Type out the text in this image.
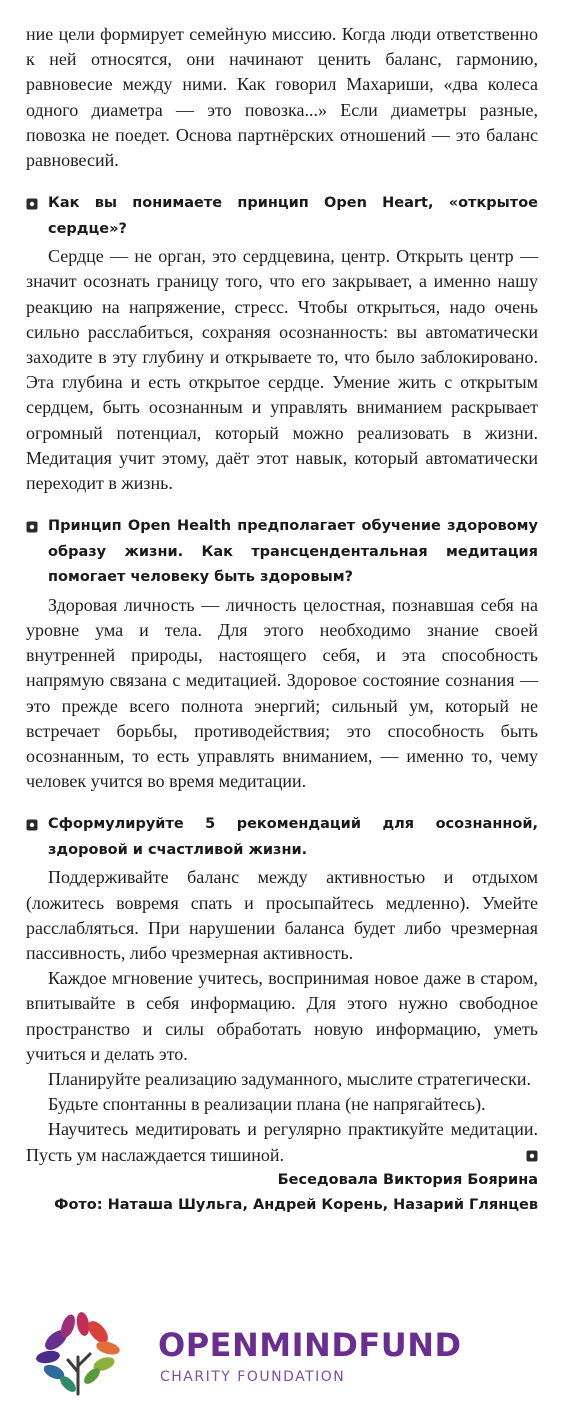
ние цели формирует семейную миссию. Когда люди ответственно к ней относятся, они начинают ценить баланс, гармонию, равновесие между ними. Как говорил Махариши, «два колеса одного диаметра — это повозка...» Если диаметры разные, повозка не поедет. Основа партнёрских отношений — это баланс равновесий.

Как вы понимаете принцип Open Heart, «открытое сердце»?

Сердце — не орган, это сердцевина, центр. Открыть центр — значит осознать границу того, что его закрывает, а именно нашу реакцию на напряжение, стресс. Чтобы открыться, надо очень сильно расслабиться, сохраняя осознанность: вы автоматически заходите в эту глубину и открываете то, что было заблокировано. Эта глубина и есть открытое сердце. Умение жить с открытым сердцем, быть осознанным и управлять вниманием раскрывает огромный потенциал, который можно реализовать в жизни. Медитация учит этому, даёт этот навык, который автоматически переходит в жизнь.

Принцип Open Health предполагает обучение здоровому образу жизни. Как трансцендентальная медитация помогает человеку быть здоровым?

Здоровая личность — личность целостная, познавшая себя на уровне ума и тела. Для этого необходимо знание своей внутренней природы, настоящего себя, и эта способность напрямую связана с медитацией. Здоровое состояние сознания — это прежде всего полнота энергий; сильный ум, который не встречает борьбы, противодействия; это способность быть осознанным, то есть управлять вниманием, — именно то, чему человек учится во время медитации.

Сформулируйте 5 рекомендаций для осознанной, здоровой и счастливой жизни.

Поддерживайте баланс между активностью и отдыхом (ложитесь вовремя спать и просыпайтесь медленно). Умейте расслабляться. При нарушении баланса будет либо чрезмерная пассивность, либо чрезмерная активность.

Каждое мгновение учитесь, воспринимая новое даже в старом, впитывайте в себя информацию. Для этого нужно свободное пространство и силы обработать новую информацию, уметь учиться и делать это.

Планируйте реализацию задуманного, мыслите стратегически.

Будьте спонтанны в реализации плана (не напрягайтесь).

Научитесь медитировать и регулярно практикуйте медитации. Пусть ум наслаждается тишиной.

Беседовала Виктория Боярина
Фото: Наташа Шульга, Андрей Корень, Назарий Глянцев
OPENMINDFUND
CHARITY FOUNDATION
